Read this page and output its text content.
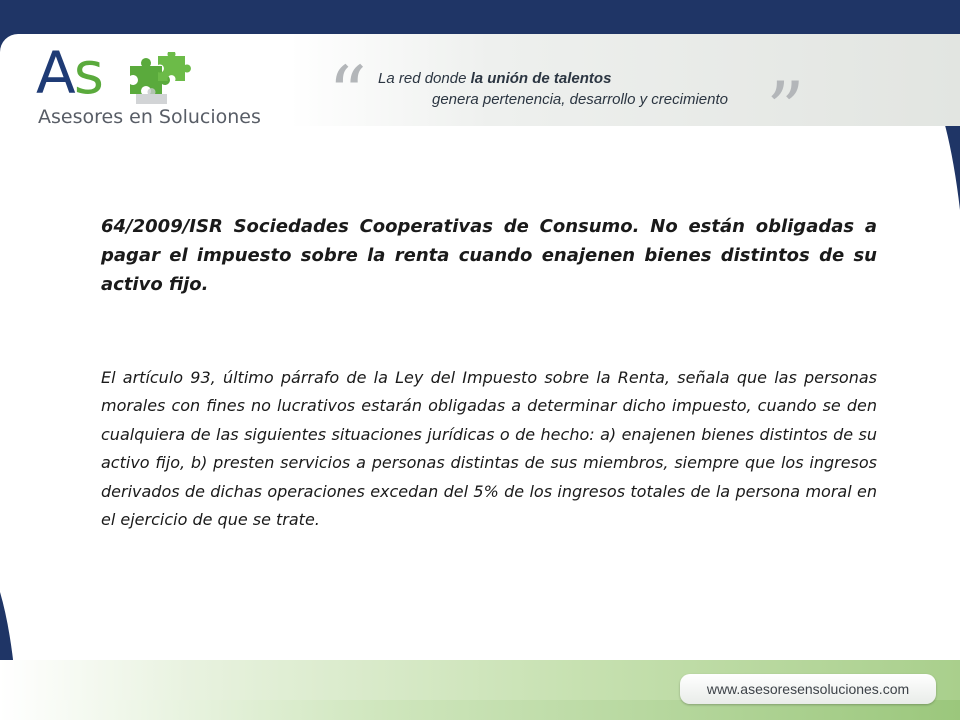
As
Asesores en Soluciones “ La red donde la unión de talentos
genera pertenencia, desarrollo y crecimiento ”
64/2009/ISR Sociedades Cooperativas de Consumo. No están obligadas a pagar el impuesto sobre la renta cuando enajenen bienes distintos de su activo fijo.
El artículo 93, último párrafo de la Ley del Impuesto sobre la Renta, señala que las personas morales con fines no lucrativos estarán obligadas a determinar dicho impuesto, cuando se den cualquiera de las siguientes situaciones jurídicas o de hecho: a) enajenen bienes distintos de su activo fijo, b) presten servicios a personas distintas de sus miembros, siempre que los ingresos derivados de dichas operaciones excedan del 5% de los ingresos totales de la persona moral en el ejercicio de que se trate.
www.asesoresensoluciones.com
